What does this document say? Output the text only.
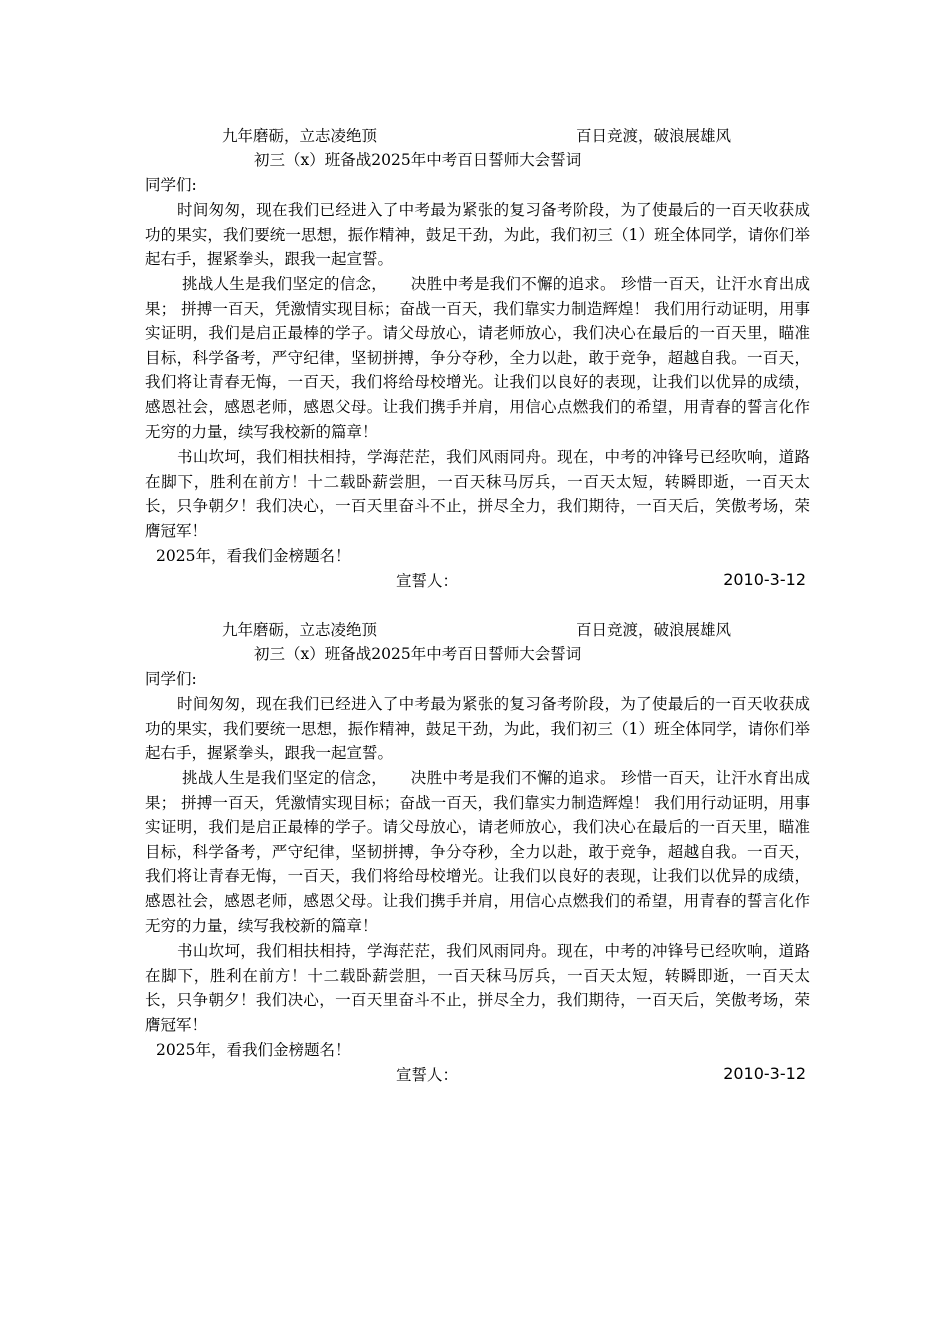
九年磨砺，立志凌绝顶	百日竞渡，破浪展雄风
初三（x）班备战2025年中考百日誓师大会誓词
同学们:

时间匆匆，现在我们已经进入了中考最为紧张的复习备考阶段，为了使最后的一百天收获成功的果实，我们要统一思想，振作精神，鼓足干劲，为此，我们初三（1）班全体同学，请你们举起右手，握紧拳头，跟我一起宣誓。

挑战人生是我们坚定的信念，　　决胜中考是我们不懈的追求。 珍惜一百天，让汗水育出成果； 拼搏一百天，凭激情实现目标；奋战一百天，我们靠实力制造辉煌！ 我们用行动证明，用事实证明，我们是启正最棒的学子。请父母放心，请老师放心，我们决心在最后的一百天里，瞄准目标，科学备考，严守纪律，坚韧拼搏，争分夺秒，全力以赴，敢于竞争，超越自我。一百天，我们将让青春无悔，一百天，我们将给母校增光。让我们以良好的表现，让我们以优异的成绩，感恩社会，感恩老师，感恩父母。让我们携手并肩，用信心点燃我们的希望，用青春的誓言化作无穷的力量，续写我校新的篇章！

书山坎坷，我们相扶相持，学海茫茫，我们风雨同舟。现在，中考的冲锋号已经吹响，道路在脚下，胜利在前方！十二载卧薪尝胆，一百天秣马厉兵，一百天太短，转瞬即逝，一百天太长，只争朝夕！我们决心，一百天里奋斗不止，拼尽全力，我们期待，一百天后，笑傲考场，荣膺冠军！

2025年，看我们金榜题名！
宣誓人：	2010-3-12
九年磨砺，立志凌绝顶	百日竞渡，破浪展雄风
初三（x）班备战2025年中考百日誓师大会誓词
同学们:

时间匆匆，现在我们已经进入了中考最为紧张的复习备考阶段，为了使最后的一百天收获成功的果实，我们要统一思想，振作精神，鼓足干劲，为此，我们初三（1）班全体同学，请你们举起右手，握紧拳头，跟我一起宣誓。

挑战人生是我们坚定的信念，　　决胜中考是我们不懈的追求。 珍惜一百天，让汗水育出成果； 拼搏一百天，凭激情实现目标；奋战一百天，我们靠实力制造辉煌！ 我们用行动证明，用事实证明，我们是启正最棒的学子。请父母放心，请老师放心，我们决心在最后的一百天里，瞄准目标，科学备考，严守纪律，坚韧拼搏，争分夺秒，全力以赴，敢于竞争，超越自我。一百天，我们将让青春无悔，一百天，我们将给母校增光。让我们以良好的表现，让我们以优异的成绩，感恩社会，感恩老师，感恩父母。让我们携手并肩，用信心点燃我们的希望，用青春的誓言化作无穷的力量，续写我校新的篇章！

书山坎坷，我们相扶相持，学海茫茫，我们风雨同舟。现在，中考的冲锋号已经吹响，道路在脚下，胜利在前方！十二载卧薪尝胆，一百天秣马厉兵，一百天太短，转瞬即逝，一百天太长，只争朝夕！我们决心，一百天里奋斗不止，拼尽全力，我们期待，一百天后，笑傲考场，荣膺冠军！

2025年，看我们金榜题名！
宣誓人：	2010-3-12
